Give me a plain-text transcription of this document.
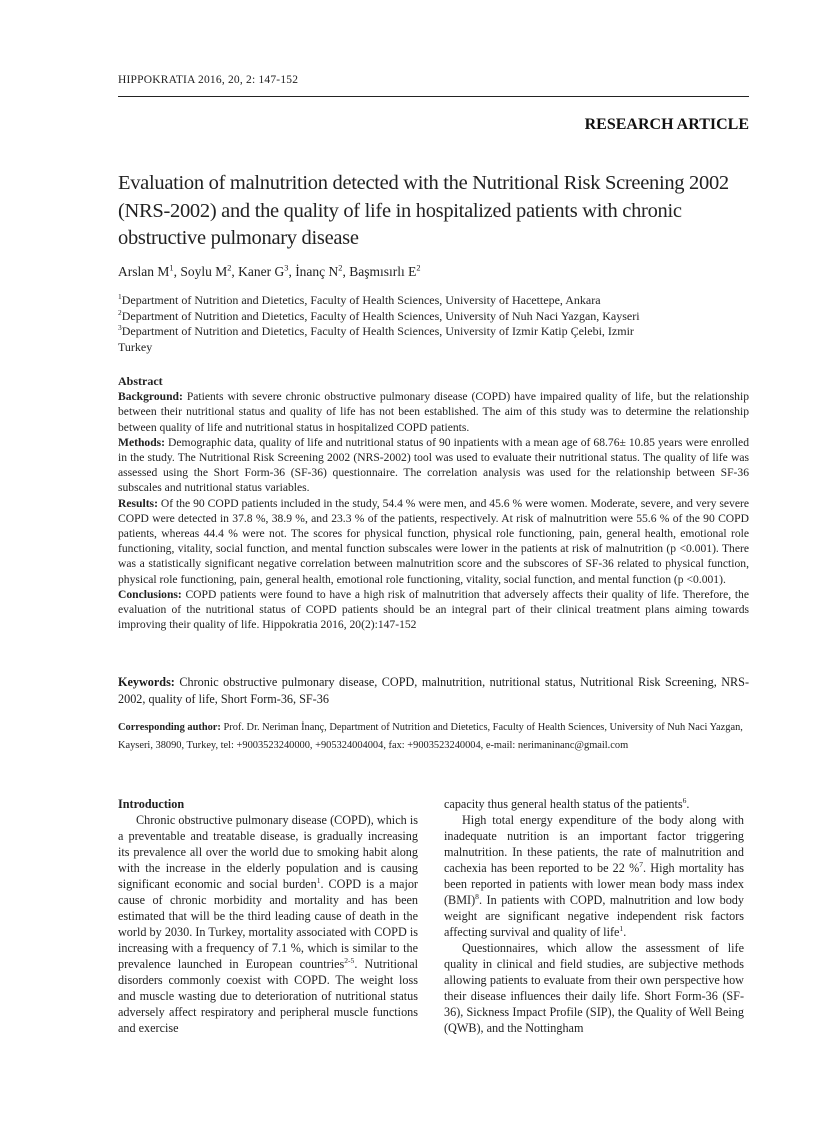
HIPPOKRATIA 2016, 20, 2: 147-152
RESEARCH ARTICLE
Evaluation of malnutrition detected with the Nutritional Risk Screening 2002 (NRS-2002) and the quality of life in hospitalized patients with chronic obstructive pulmonary disease
Arslan $M^1$, Soylu $M^2$, Kaner $G^3$, İnanç $N^2$, Başmısırlı $E^2$
$^1$Department of Nutrition and Dietetics, Faculty of Health Sciences, University of Hacettepe, Ankara
$^2$Department of Nutrition and Dietetics, Faculty of Health Sciences, University of Nuh Naci Yazgan, Kayseri
$^3$Department of Nutrition and Dietetics, Faculty of Health Sciences, University of Izmir Katip Çelebi, Izmir
Turkey
Abstract

Background: Patients with severe chronic obstructive pulmonary disease (COPD) have impaired quality of life, but the relationship between their nutritional status and quality of life has not been established. The aim of this study was to determine the relationship between quality of life and nutritional status in hospitalized COPD patients.

Methods: Demographic data, quality of life and nutritional status of 90 inpatients with a mean age of 68.76± 10.85 years were enrolled in the study. The Nutritional Risk Screening 2002 (NRS-2002) tool was used to evaluate their nutritional status. The quality of life was assessed using the Short Form-36 (SF-36) questionnaire. The correlation analysis was used for the relationship between SF-36 subscales and nutritional status variables.

Results: Of the 90 COPD patients included in the study, 54.4 % were men, and 45.6 % were women. Moderate, severe, and very severe COPD were detected in 37.8 %, 38.9 %, and 23.3 % of the patients, respectively. At risk of malnutrition were 55.6 % of the 90 COPD patients, whereas 44.4 % were not. The scores for physical function, physical role functioning, pain, general health, emotional role functioning, vitality, social function, and mental function subscales were lower in the patients at risk of malnutrition (p <0.001). There was a statistically significant negative correlation between malnutrition score and the subscores of SF-36 related to physical function, physical role functioning, pain, general health, emotional role functioning, vitality, social function, and mental function (p <0.001).

Conclusions: COPD patients were found to have a high risk of malnutrition that adversely affects their quality of life. Therefore, the evaluation of the nutritional status of COPD patients should be an integral part of their clinical treatment plans aiming towards improving their quality of life. Hippokratia 2016, 20(2):147-152

Keywords: Chronic obstructive pulmonary disease, COPD, malnutrition, nutritional status, Nutritional Risk Screening, NRS-2002, quality of life, Short Form-36, SF-36
Corresponding author: Prof. Dr. Neriman İnanç, Department of Nutrition and Dietetics, Faculty of Health Sciences, University of Nuh Naci Yazgan, Kayseri, 38090, Turkey, tel: +9003523240000, +905324004004, fax: +9003523240004, e-mail: nerimaninanc@gmail.com
Introduction

Chronic obstructive pulmonary disease (COPD), which is a preventable and treatable disease, is gradually increasing its prevalence all over the world due to smoking habit along with the increase in the elderly population and is causing significant economic and social burden$^1$. COPD is a major cause of chronic morbidity and mortality and has been estimated that will be the third leading cause of death in the world by 2030. In Turkey, mortality associated with COPD is increasing with a frequency of 7.1 %, which is similar to the prevalence launched in European countries$^{2-5}$. Nutritional disorders commonly coexist with COPD. The weight loss and muscle wasting due to deterioration of nutritional status adversely affect respiratory and peripheral muscle functions and exercise

capacity thus general health status of the patients$^6$.

High total energy expenditure of the body along with inadequate nutrition is an important factor triggering malnutrition. In these patients, the rate of malnutrition and cachexia has been reported to be 22 %$^7$. High mortality has been reported in patients with lower mean body mass index (BMI)$^8$. In patients with COPD, malnutrition and low body weight are significant negative independent risk factors affecting survival and quality of life$^1$.

Questionnaires, which allow the assessment of life quality in clinical and field studies, are subjective methods allowing patients to evaluate from their own perspective how their disease influences their daily life. Short Form-36 (SF-36), Sickness Impact Profile (SIP), the Quality of Well Being (QWB), and the Nottingham
